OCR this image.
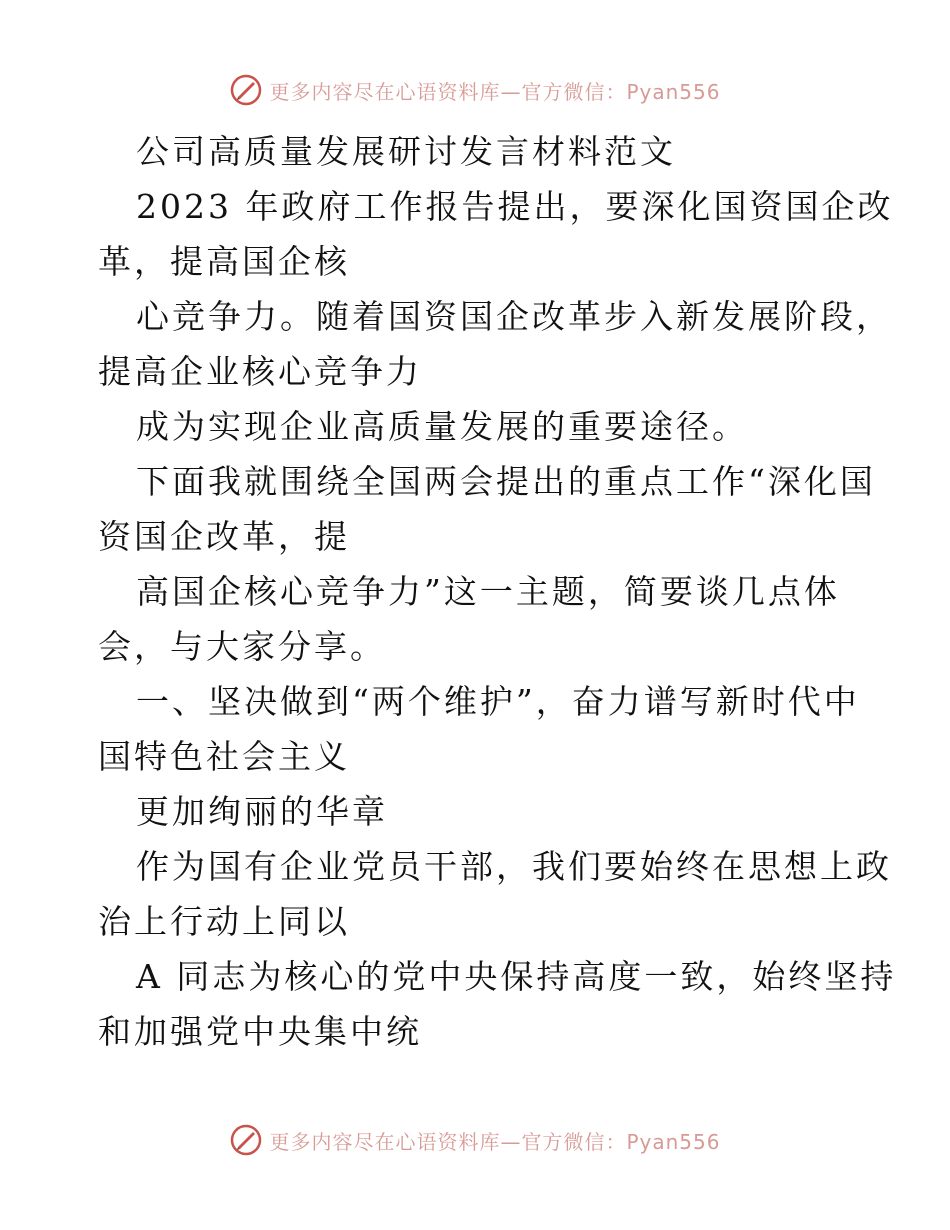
更多内容尽在心语资料库—官方微信：Pyan556
公司高质量发展研讨发言材料范文
2023 年政府工作报告提出，要深化国资国企改
革，提高国企核
心竞争力。随着国资国企改革步入新发展阶段，
提高企业核心竞争力
成为实现企业高质量发展的重要途径。
下面我就围绕全国两会提出的重点工作“深化国
资国企改革，提
高国企核心竞争力”这一主题，简要谈几点体
会，与大家分享。
一、坚决做到“两个维护”，奋力谱写新时代中
国特色社会主义
更加绚丽的华章
作为国有企业党员干部，我们要始终在思想上政
治上行动上同以
A 同志为核心的党中央保持高度一致，始终坚持
和加强党中央集中统
更多内容尽在心语资料库—官方微信：Pyan556
